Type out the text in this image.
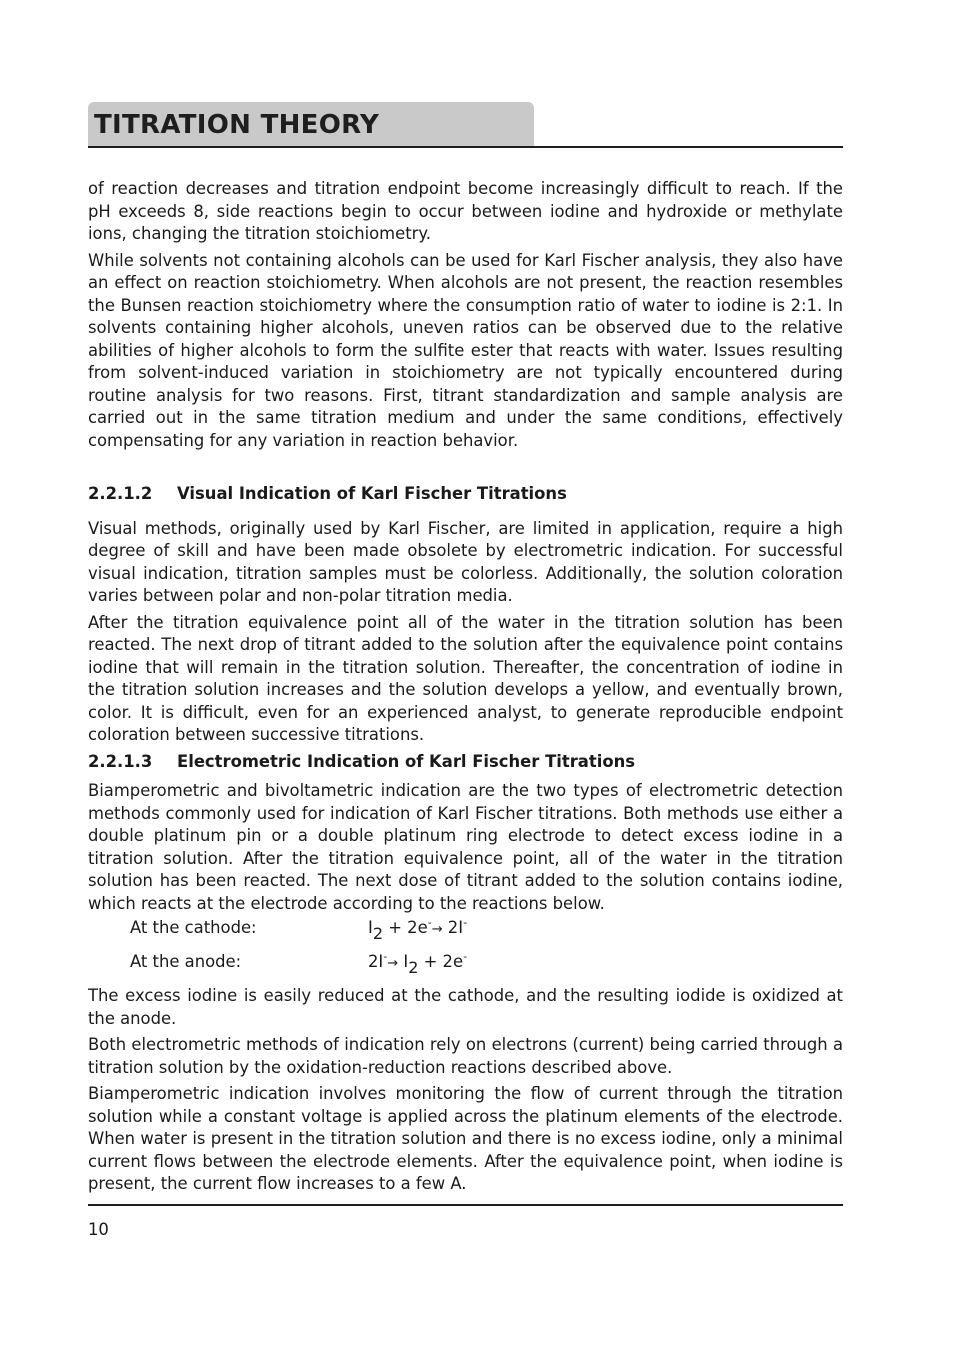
TITRATION THEORY

of reaction decreases and titration endpoint become increasingly difficult to reach. If the pH exceeds 8, side reactions begin to occur between iodine and hydroxide or methylate ions, changing the titration stoichiometry.

While solvents not containing alcohols can be used for Karl Fischer analysis, they also have an effect on reaction stoichiometry. When alcohols are not present, the reaction resembles the Bunsen reaction stoichiometry where the consumption ratio of water to iodine is 2:1. In solvents containing higher alcohols, uneven ratios can be observed due to the relative abilities of higher alcohols to form the sulfite ester that reacts with water. Issues resulting from solvent-induced variation in stoichiometry are not typically encountered during routine analysis for two reasons. First, titrant standardization and sample analysis are carried out in the same titration medium and under the same conditions, effectively compensating for any variation in reaction behavior.

2.2.1.2 Visual Indication of Karl Fischer Titrations

Visual methods, originally used by Karl Fischer, are limited in application, require a high degree of skill and have been made obsolete by electrometric indication. For successful visual indication, titration samples must be colorless. Additionally, the solution coloration varies between polar and non-polar titration media.

After the titration equivalence point all of the water in the titration solution has been reacted. The next drop of titrant added to the solution after the equivalence point contains iodine that will remain in the titration solution. Thereafter, the concentration of iodine in the titration solution increases and the solution develops a yellow, and eventually brown, color. It is difficult, even for an experienced analyst, to generate reproducible endpoint coloration between successive titrations.

2.2.1.3 Electrometric Indication of Karl Fischer Titrations

Biamperometric and bivoltametric indication are the two types of electrometric detection methods commonly used for indication of Karl Fischer titrations. Both methods use either a double platinum pin or a double platinum ring electrode to detect excess iodine in a titration solution. After the titration equivalence point, all of the water in the titration solution has been reacted. The next dose of titrant added to the solution contains iodine, which reacts at the electrode according to the reactions below.

At the cathode:	$I_2 + 2e^-\to 2I^-$
At the anode:	$2I^-\to I_2 + 2e^-$

The excess iodine is easily reduced at the cathode, and the resulting iodide is oxidized at the anode.

Both electrometric methods of indication rely on electrons (current) being carried through a titration solution by the oxidation-reduction reactions described above.

Biamperometric indication involves monitoring the flow of current through the titration solution while a constant voltage is applied across the platinum elements of the electrode. When water is present in the titration solution and there is no excess iodine, only a minimal current flows between the electrode elements. After the equivalence point, when iodine is present, the current flow increases to a few A.

10
